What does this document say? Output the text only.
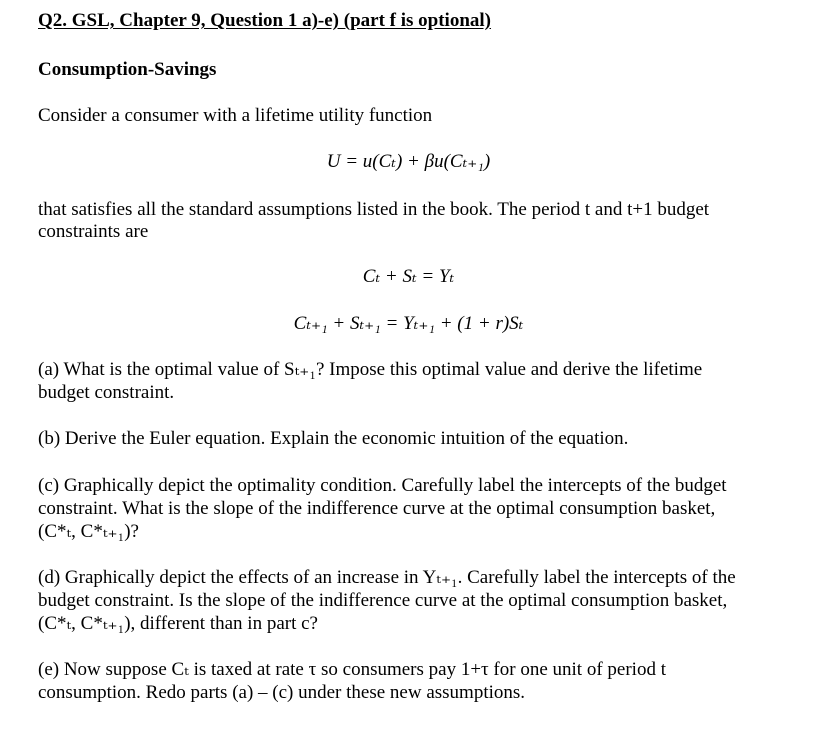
Q2. GSL, Chapter 9, Question 1 a)-e) (part f is optional)
Consumption-Savings
Consider a consumer with a lifetime utility function
U = u(Cₜ) + βu(Cₜ₊₁)
that satisfies all the standard assumptions listed in the book. The period t and t+1 budget
constraints are
Cₜ + Sₜ = Yₜ
Cₜ₊₁ + Sₜ₊₁ = Yₜ₊₁ + (1 + r)Sₜ
(a) What is the optimal value of Sₜ₊₁? Impose this optimal value and derive the lifetime
budget constraint.
(b) Derive the Euler equation. Explain the economic intuition of the equation.
(c) Graphically depict the optimality condition. Carefully label the intercepts of the budget
constraint. What is the slope of the indifference curve at the optimal consumption basket,
(C*ₜ, C*ₜ₊₁)?
(d) Graphically depict the effects of an increase in Yₜ₊₁. Carefully label the intercepts of the
budget constraint. Is the slope of the indifference curve at the optimal consumption basket,
(C*ₜ, C*ₜ₊₁), different than in part c?
(e) Now suppose Cₜ is taxed at rate τ so consumers pay 1+τ for one unit of period t
consumption. Redo parts (a) – (c) under these new assumptions.
